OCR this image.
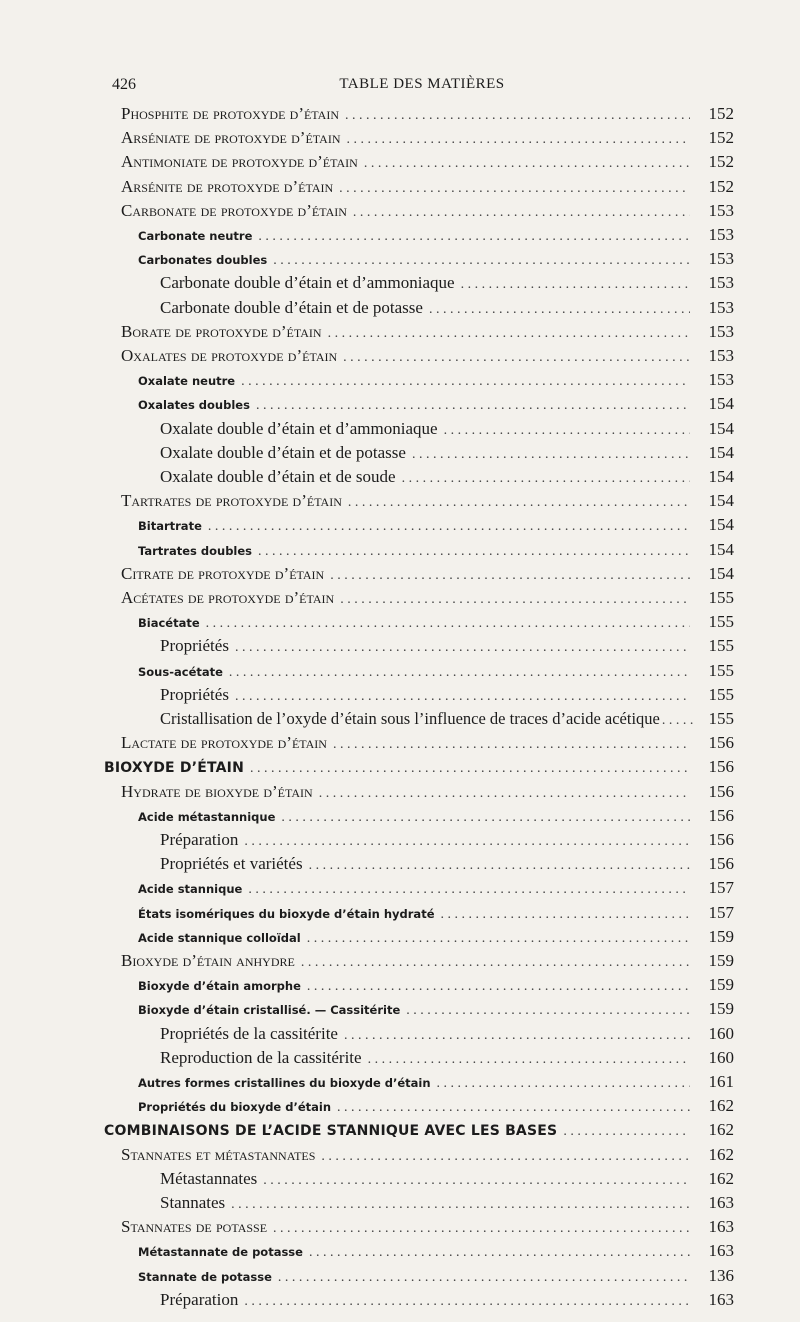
426	TABLE DES MATIÈRES
Phosphite de protoxyde d’étain . . .	152
Arséniate de protoxyde d’étain . . .	152
Antimoniate de protoxyde d’étain . . .	152
Arsénite de protoxyde d’étain . . .	152
Carbonate de protoxyde d’étain . . .	153
Carbonate neutre . . .	153
Carbonates doubles . . .	153
Carbonate double d’étain et d’ammoniaque . . .	153
Carbonate double d’étain et de potasse . . .	153
Borate de protoxyde d’étain . . .	153
Oxalates de protoxyde d’étain . . .	153
Oxalate neutre . . .	153
Oxalates doubles . . .	154
Oxalate double d’étain et d’ammoniaque . . .	154
Oxalate double d’étain et de potasse . . .	154
Oxalate double d’étain et de soude . . .	154
Tartrates de protoxyde d’étain . . .	154
Bitartrate . . .	154
Tartrates doubles . . .	154
Citrate de protoxyde d’étain . . .	154
Acétates de protoxyde d’étain . . .	155
Biacétate . . .	155
Propriétés . . .	155
Sous-acétate . . .	155
Propriétés . . .	155
Cristallisation de l’oxyde d’étain sous l’influence de traces d’acide acétique . . .	155
Lactate de protoxyde d’étain . . .	156
BIOXYDE D’ÉTAIN . . .	156
Hydrate de bioxyde d’étain . . .	156
Acide métastannique . . .	156
Préparation . . .	156
Propriétés et variétés . . .	156
Acide stannique . . .	157
États isomériques du bioxyde d’étain hydraté . . .	157
Acide stannique colloïdal . . .	159
Bioxyde d’étain anhydre . . .	159
Bioxyde d’étain amorphe . . .	159
Bioxyde d’étain cristallisé. — Cassitérite . . .	159
Propriétés de la cassitérite . . .	160
Reproduction de la cassitérite . . .	160
Autres formes cristallines du bioxyde d’étain . . .	161
Propriétés du bioxyde d’étain . . .	162
COMBINAISONS DE L’ACIDE STANNIQUE AVEC LES BASES . . .	162
Stannates et métastannates . . .	162
Métastannates . . .	162
Stannates . . .	163
Stannates de potasse . . .	163
Métastannate de potasse . . .	163
Stannate de potasse . . .	136
Préparation . . .	163
